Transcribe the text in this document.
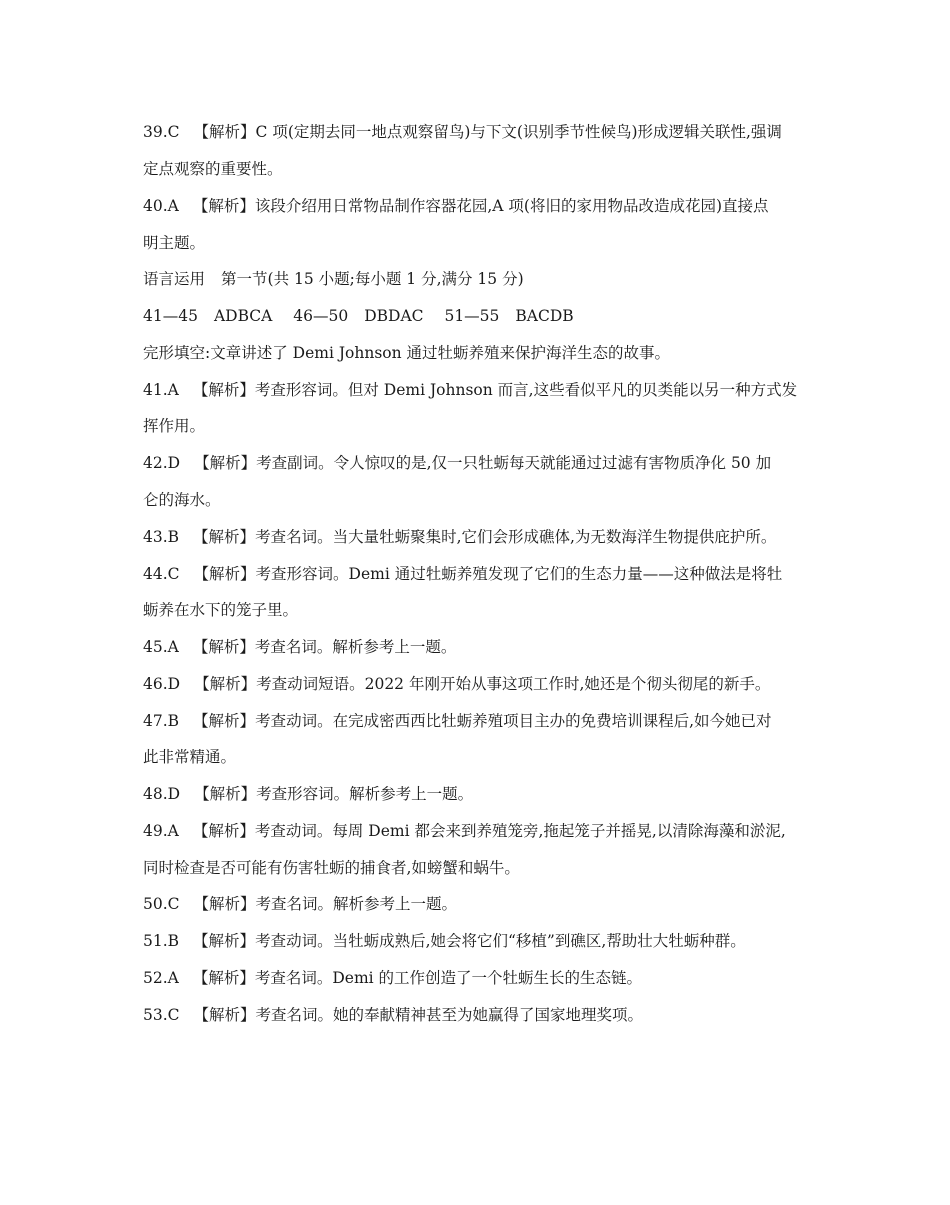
39.C 【解析】C 项(定期去同一地点观察留鸟)与下文(识别季节性候鸟)形成逻辑关联性,强调
定点观察的重要性。
40.A 【解析】该段介绍用日常物品制作容器花园,A 项(将旧的家用物品改造成花园)直接点
明主题。
语言运用 第一节(共 15 小题;每小题 1 分,满分 15 分)
41—45 ADBCA 46—50 DBDAC 51—55 BACDB
完形填空:文章讲述了 Demi Johnson 通过牡蛎养殖来保护海洋生态的故事。
41.A 【解析】考查形容词。但对 Demi Johnson 而言,这些看似平凡的贝类能以另一种方式发
挥作用。
42.D 【解析】考查副词。令人惊叹的是,仅一只牡蛎每天就能通过过滤有害物质净化 50 加
仑的海水。
43.B 【解析】考查名词。当大量牡蛎聚集时,它们会形成礁体,为无数海洋生物提供庇护所。
44.C 【解析】考查形容词。Demi 通过牡蛎养殖发现了它们的生态力量——这种做法是将牡
蛎养在水下的笼子里。
45.A 【解析】考查名词。解析参考上一题。
46.D 【解析】考查动词短语。2022 年刚开始从事这项工作时,她还是个彻头彻尾的新手。
47.B 【解析】考查动词。在完成密西西比牡蛎养殖项目主办的免费培训课程后,如今她已对
此非常精通。
48.D 【解析】考查形容词。解析参考上一题。
49.A 【解析】考查动词。每周 Demi 都会来到养殖笼旁,拖起笼子并摇晃,以清除海藻和淤泥,
同时检查是否可能有伤害牡蛎的捕食者,如螃蟹和蜗牛。
50.C 【解析】考查名词。解析参考上一题。
51.B 【解析】考查动词。当牡蛎成熟后,她会将它们“移植”到礁区,帮助壮大牡蛎种群。
52.A 【解析】考查名词。Demi 的工作创造了一个牡蛎生长的生态链。
53.C 【解析】考查名词。她的奉献精神甚至为她赢得了国家地理奖项。
